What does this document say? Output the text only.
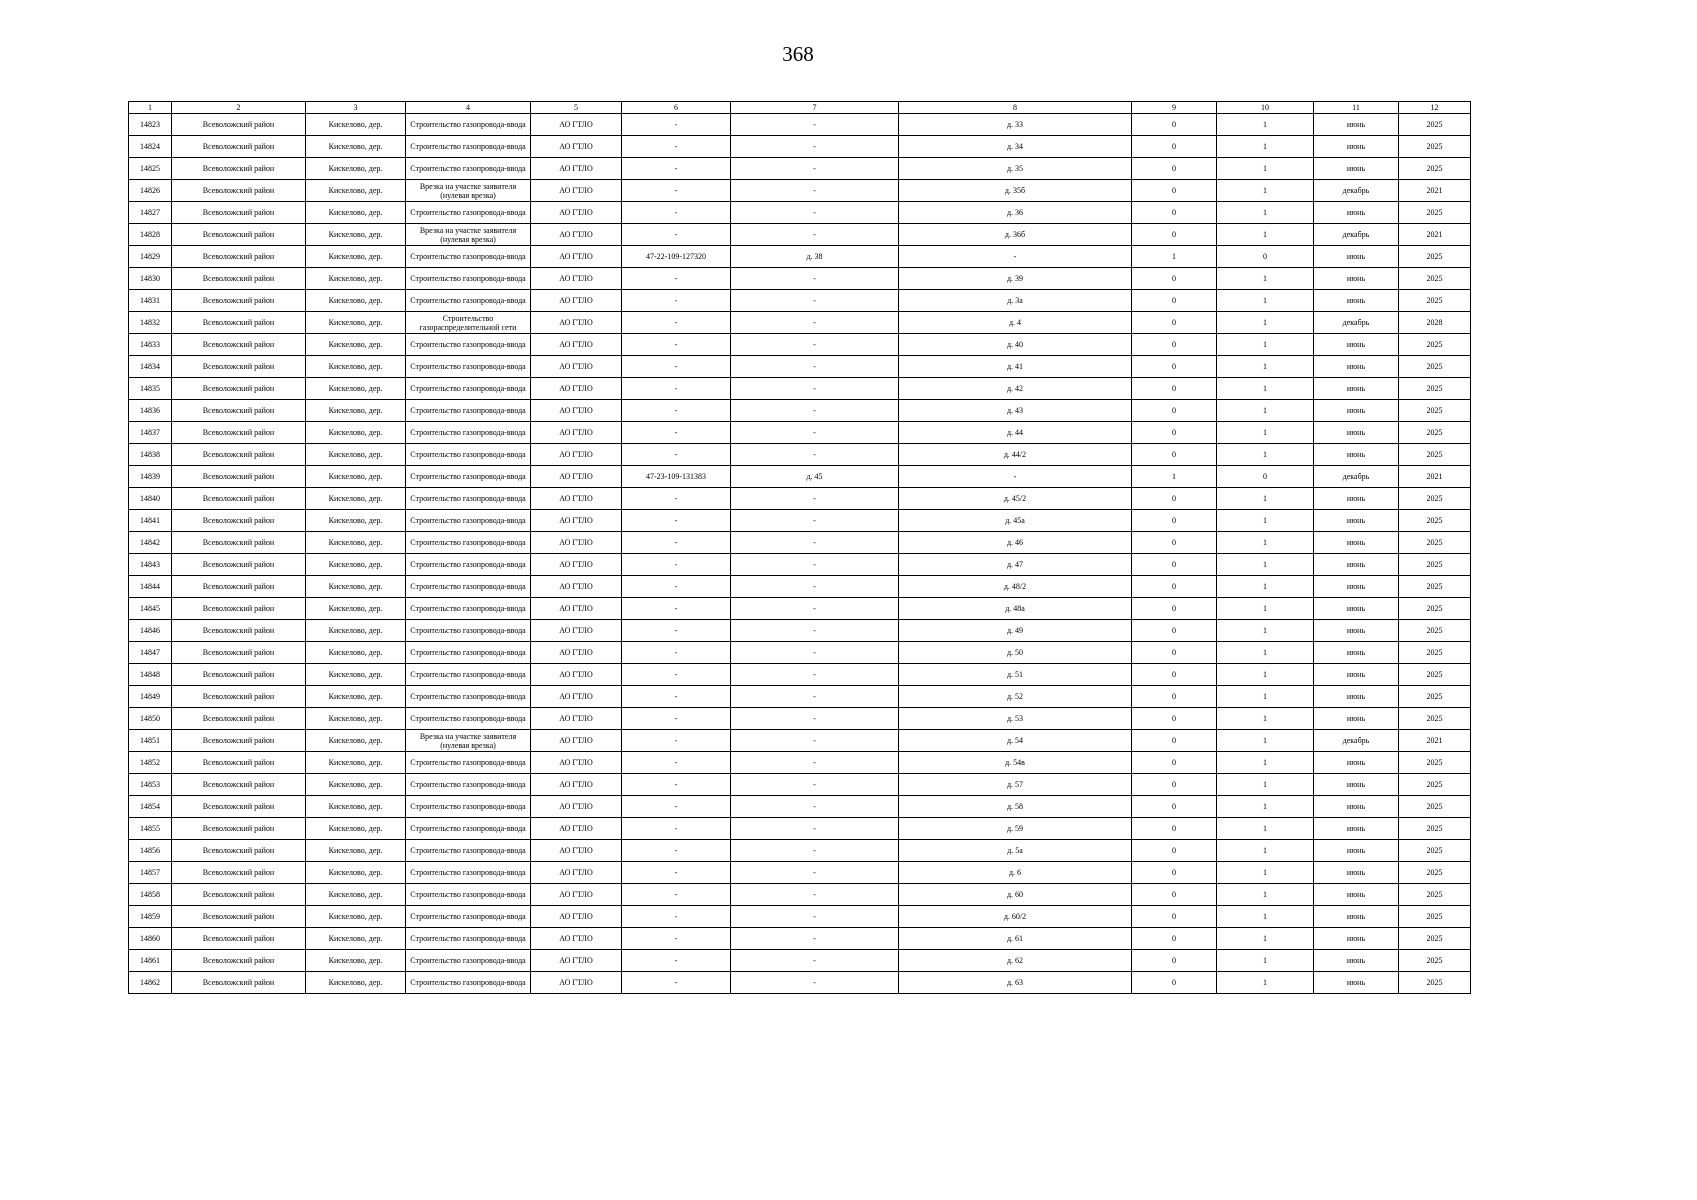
368
1	2	3	4	5	6	7	8	9	10	11	12
14823	Всеволожский район	Кискелово, дер.	Строительство газопровода-ввода	АО ГТЛО	-	-	д. 33	0	1	июнь	2025
14824	Всеволожский район	Кискелово, дер.	Строительство газопровода-ввода	АО ГТЛО	-	-	д. 34	0	1	июнь	2025
14825	Всеволожский район	Кискелово, дер.	Строительство газопровода-ввода	АО ГТЛО	-	-	д. 35	0	1	июнь	2025
14826	Всеволожский район	Кискелово, дер.	Врезка на участке заявителя (нулевая врезка)	АО ГТЛО	-	-	д. 35б	0	1	декабрь	2021
14827	Всеволожский район	Кискелово, дер.	Строительство газопровода-ввода	АО ГТЛО	-	-	д. 36	0	1	июнь	2025
14828	Всеволожский район	Кискелово, дер.	Врезка на участке заявителя (нулевая врезка)	АО ГТЛО	-	-	д. 36б	0	1	декабрь	2021
14829	Всеволожский район	Кискелово, дер.	Строительство газопровода-ввода	АО ГТЛО	47-22-109-127320	д. 38	-	1	0	июнь	2025
14830	Всеволожский район	Кискелово, дер.	Строительство газопровода-ввода	АО ГТЛО	-	-	д. 39	0	1	июнь	2025
14831	Всеволожский район	Кискелово, дер.	Строительство газопровода-ввода	АО ГТЛО	-	-	д. 3а	0	1	июнь	2025
14832	Всеволожский район	Кискелово, дер.	Строительство газораспределительной сети	АО ГТЛО	-	-	д. 4	0	1	декабрь	2028
14833	Всеволожский район	Кискелово, дер.	Строительство газопровода-ввода	АО ГТЛО	-	-	д. 40	0	1	июнь	2025
14834	Всеволожский район	Кискелово, дер.	Строительство газопровода-ввода	АО ГТЛО	-	-	д. 41	0	1	июнь	2025
14835	Всеволожский район	Кискелово, дер.	Строительство газопровода-ввода	АО ГТЛО	-	-	д. 42	0	1	июнь	2025
14836	Всеволожский район	Кискелово, дер.	Строительство газопровода-ввода	АО ГТЛО	-	-	д. 43	0	1	июнь	2025
14837	Всеволожский район	Кискелово, дер.	Строительство газопровода-ввода	АО ГТЛО	-	-	д. 44	0	1	июнь	2025
14838	Всеволожский район	Кискелово, дер.	Строительство газопровода-ввода	АО ГТЛО	-	-	д. 44/2	0	1	июнь	2025
14839	Всеволожский район	Кискелово, дер.	Строительство газопровода-ввода	АО ГТЛО	47-23-109-131383	д. 45	-	1	0	декабрь	2021
14840	Всеволожский район	Кискелово, дер.	Строительство газопровода-ввода	АО ГТЛО	-	-	д. 45/2	0	1	июнь	2025
14841	Всеволожский район	Кискелово, дер.	Строительство газопровода-ввода	АО ГТЛО	-	-	д. 45а	0	1	июнь	2025
14842	Всеволожский район	Кискелово, дер.	Строительство газопровода-ввода	АО ГТЛО	-	-	д. 46	0	1	июнь	2025
14843	Всеволожский район	Кискелово, дер.	Строительство газопровода-ввода	АО ГТЛО	-	-	д. 47	0	1	июнь	2025
14844	Всеволожский район	Кискелово, дер.	Строительство газопровода-ввода	АО ГТЛО	-	-	д. 48/2	0	1	июнь	2025
14845	Всеволожский район	Кискелово, дер.	Строительство газопровода-ввода	АО ГТЛО	-	-	д. 48а	0	1	июнь	2025
14846	Всеволожский район	Кискелово, дер.	Строительство газопровода-ввода	АО ГТЛО	-	-	д. 49	0	1	июнь	2025
14847	Всеволожский район	Кискелово, дер.	Строительство газопровода-ввода	АО ГТЛО	-	-	д. 50	0	1	июнь	2025
14848	Всеволожский район	Кискелово, дер.	Строительство газопровода-ввода	АО ГТЛО	-	-	д. 51	0	1	июнь	2025
14849	Всеволожский район	Кискелово, дер.	Строительство газопровода-ввода	АО ГТЛО	-	-	д. 52	0	1	июнь	2025
14850	Всеволожский район	Кискелово, дер.	Строительство газопровода-ввода	АО ГТЛО	-	-	д. 53	0	1	июнь	2025
14851	Всеволожский район	Кискелово, дер.	Врезка на участке заявителя (нулевая врезка)	АО ГТЛО	-	-	д. 54	0	1	декабрь	2021
14852	Всеволожский район	Кискелово, дер.	Строительство газопровода-ввода	АО ГТЛО	-	-	д. 54в	0	1	июнь	2025
14853	Всеволожский район	Кискелово, дер.	Строительство газопровода-ввода	АО ГТЛО	-	-	д. 57	0	1	июнь	2025
14854	Всеволожский район	Кискелово, дер.	Строительство газопровода-ввода	АО ГТЛО	-	-	д. 58	0	1	июнь	2025
14855	Всеволожский район	Кискелово, дер.	Строительство газопровода-ввода	АО ГТЛО	-	-	д. 59	0	1	июнь	2025
14856	Всеволожский район	Кискелово, дер.	Строительство газопровода-ввода	АО ГТЛО	-	-	д. 5а	0	1	июнь	2025
14857	Всеволожский район	Кискелово, дер.	Строительство газопровода-ввода	АО ГТЛО	-	-	д. 6	0	1	июнь	2025
14858	Всеволожский район	Кискелово, дер.	Строительство газопровода-ввода	АО ГТЛО	-	-	д. 60	0	1	июнь	2025
14859	Всеволожский район	Кискелово, дер.	Строительство газопровода-ввода	АО ГТЛО	-	-	д. 60/2	0	1	июнь	2025
14860	Всеволожский район	Кискелово, дер.	Строительство газопровода-ввода	АО ГТЛО	-	-	д. 61	0	1	июнь	2025
14861	Всеволожский район	Кискелово, дер.	Строительство газопровода-ввода	АО ГТЛО	-	-	д. 62	0	1	июнь	2025
14862	Всеволожский район	Кискелово, дер.	Строительство газопровода-ввода	АО ГТЛО	-	-	д. 63	0	1	июнь	2025
